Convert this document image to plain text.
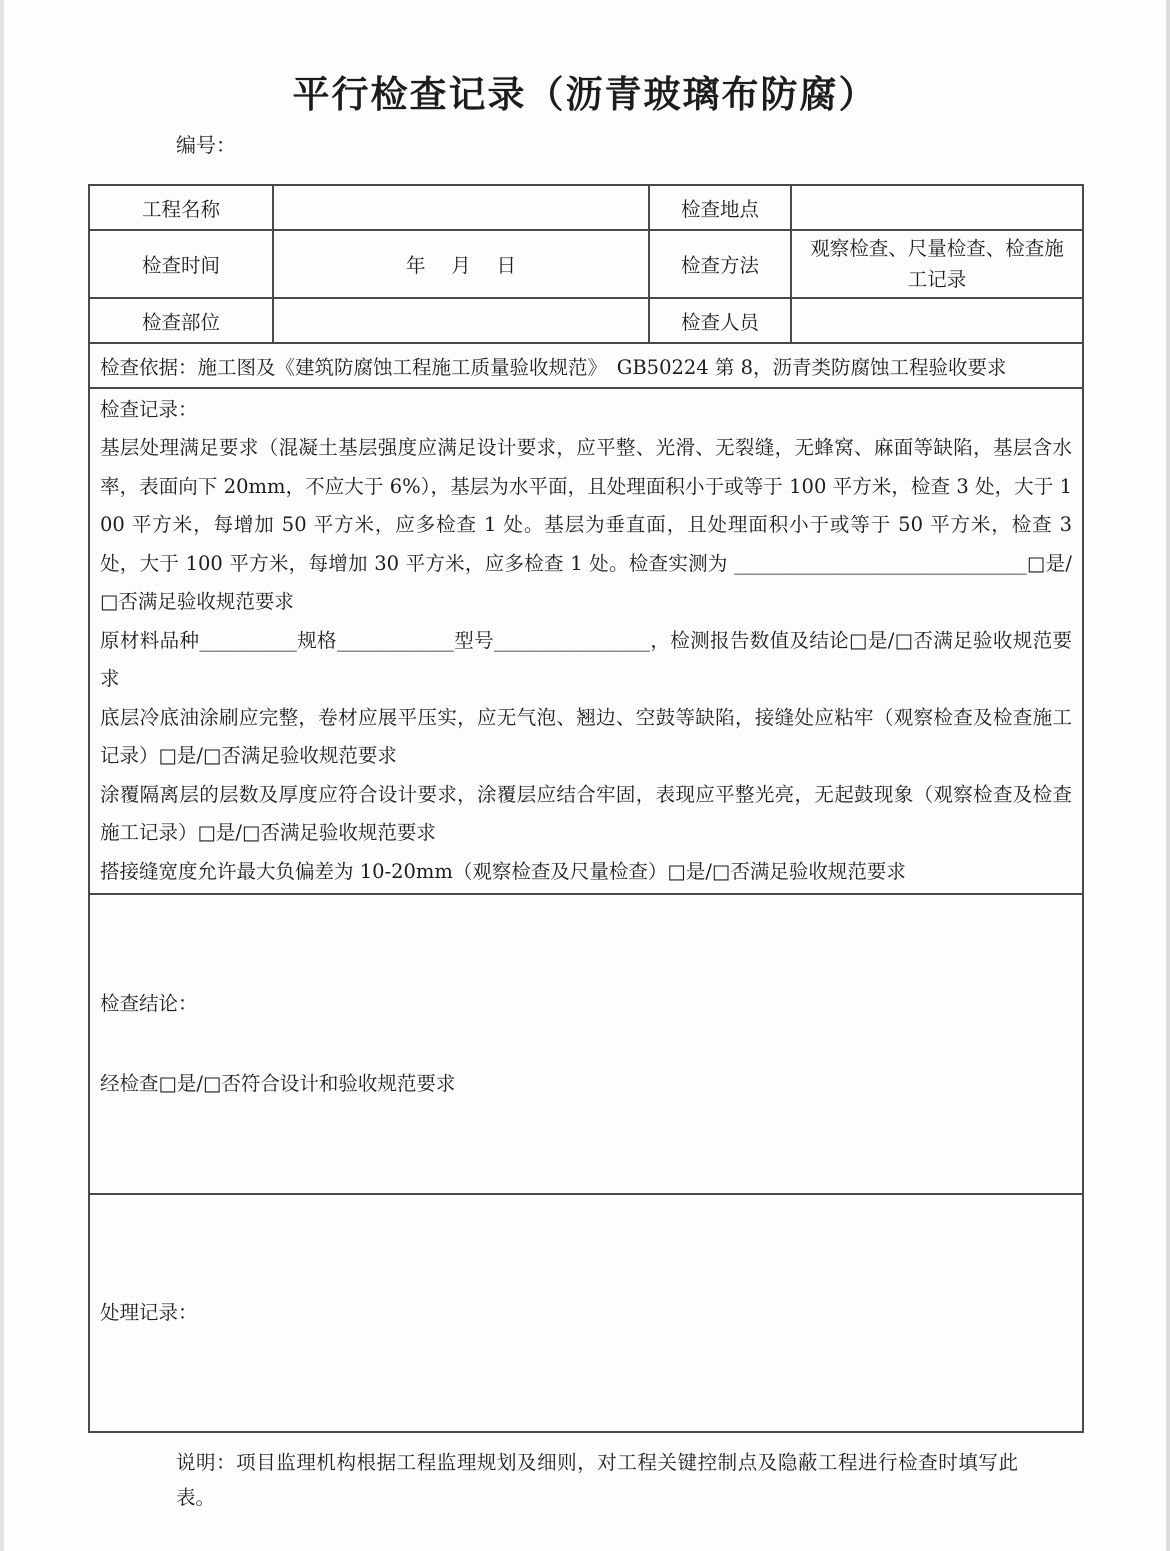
平行检查记录（沥青玻璃布防腐）
编号：
工程名称		检查地点	
检查时间	年　 月　 日	检查方法	观察检查、尺量检查、检查施工记录
检查部位		检查人员	
检查依据：施工图及《建筑防腐蚀工程施工质量验收规范》　GB50224 第 8，沥青类防腐蚀工程验收要求			

检查记录：

基层处理满足要求（混凝土基层强度应满足设计要求，应平整、光滑、无裂缝，无蜂窝、麻面等缺陷，基层含水率，表面向下 20mm，不应大于 6%），基层为水平面，且处理面积小于或等于 100 平方米，检查 3 处，大于 100 平方米，每增加 50 平方米，应多检查 1 处。基层为垂直面，且处理面积小于或等于 50 平方米，检查 3 处，大于 100 平方米，每增加 30 平方米，应多检查 1 处。检查实测为 ______________________________□是/□否满足验收规范要求

原材料品种__________规格____________型号________________，检测报告数值及结论□是/□否满足验收规范要求

底层冷底油涂刷应完整，卷材应展平压实，应无气泡、翘边、空鼓等缺陷，接缝处应粘牢（观察检查及检查施工记录）□是/□否满足验收规范要求

涂覆隔离层的层数及厚度应符合设计要求，涂覆层应结合牢固，表现应平整光亮，无起鼓现象（观察检查及检查施工记录）□是/□否满足验收规范要求

搭接缝宽度允许最大负偏差为 10-20mm（观察检查及尺量检查）□是/□否满足验收规范要求

检查结论：
经检查□是/□否符合设计和验收规范要求			

处理记录：			

说明：项目监理机构根据工程监理规划及细则，对工程关键控制点及隐蔽工程进行检查时填写此表。
